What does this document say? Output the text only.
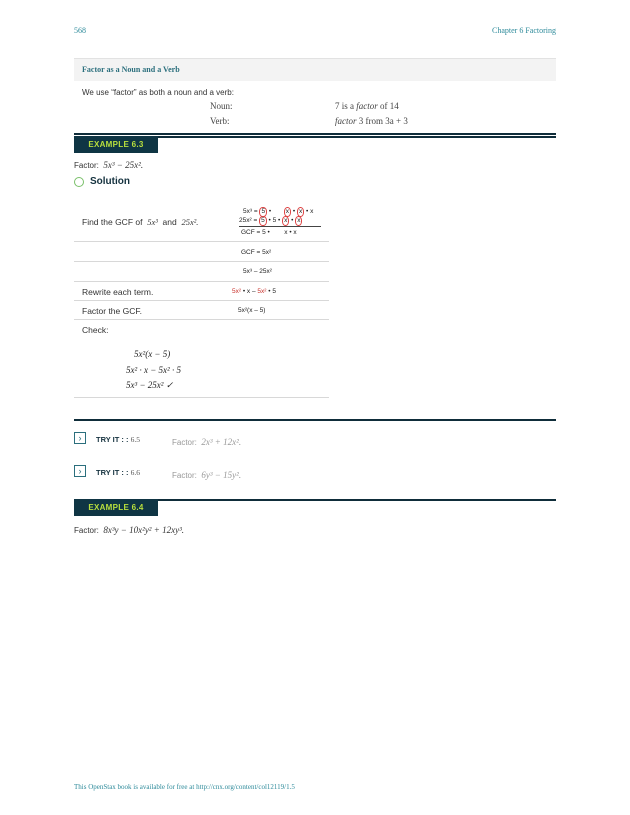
568	Chapter 6 Factoring
Factor as a Noun and a Verb
We use “factor” as both a noun and a verb:
Noun:	7 is a factor of 14
Verb:	factor 3 from 3a + 3
EXAMPLE 6.3
Factor: 5x³ − 25x².
Solution
Find the GCF of 5x³ and 25x².
5x³ = 5 •       x • x • x
25x² = 5 • 5 • x • x
GCF = 5 • x • x
GCF = 5x²
5x³ – 25x²
Rewrite each term.	5x² • x – 5x² • 5
Factor the GCF.	5x²(x – 5)
Check:
5x²(x − 5)
5x² · x − 5x² · 5
5x³ − 25x² ✓
›	TRY IT : : 6.5	Factor: 2x³ + 12x².
›	TRY IT : : 6.6	Factor: 6y³ − 15y².
EXAMPLE 6.4
Factor: 8x³y − 10x²y² + 12xy³.
This OpenStax book is available for free at http://cnx.org/content/col12119/1.5
